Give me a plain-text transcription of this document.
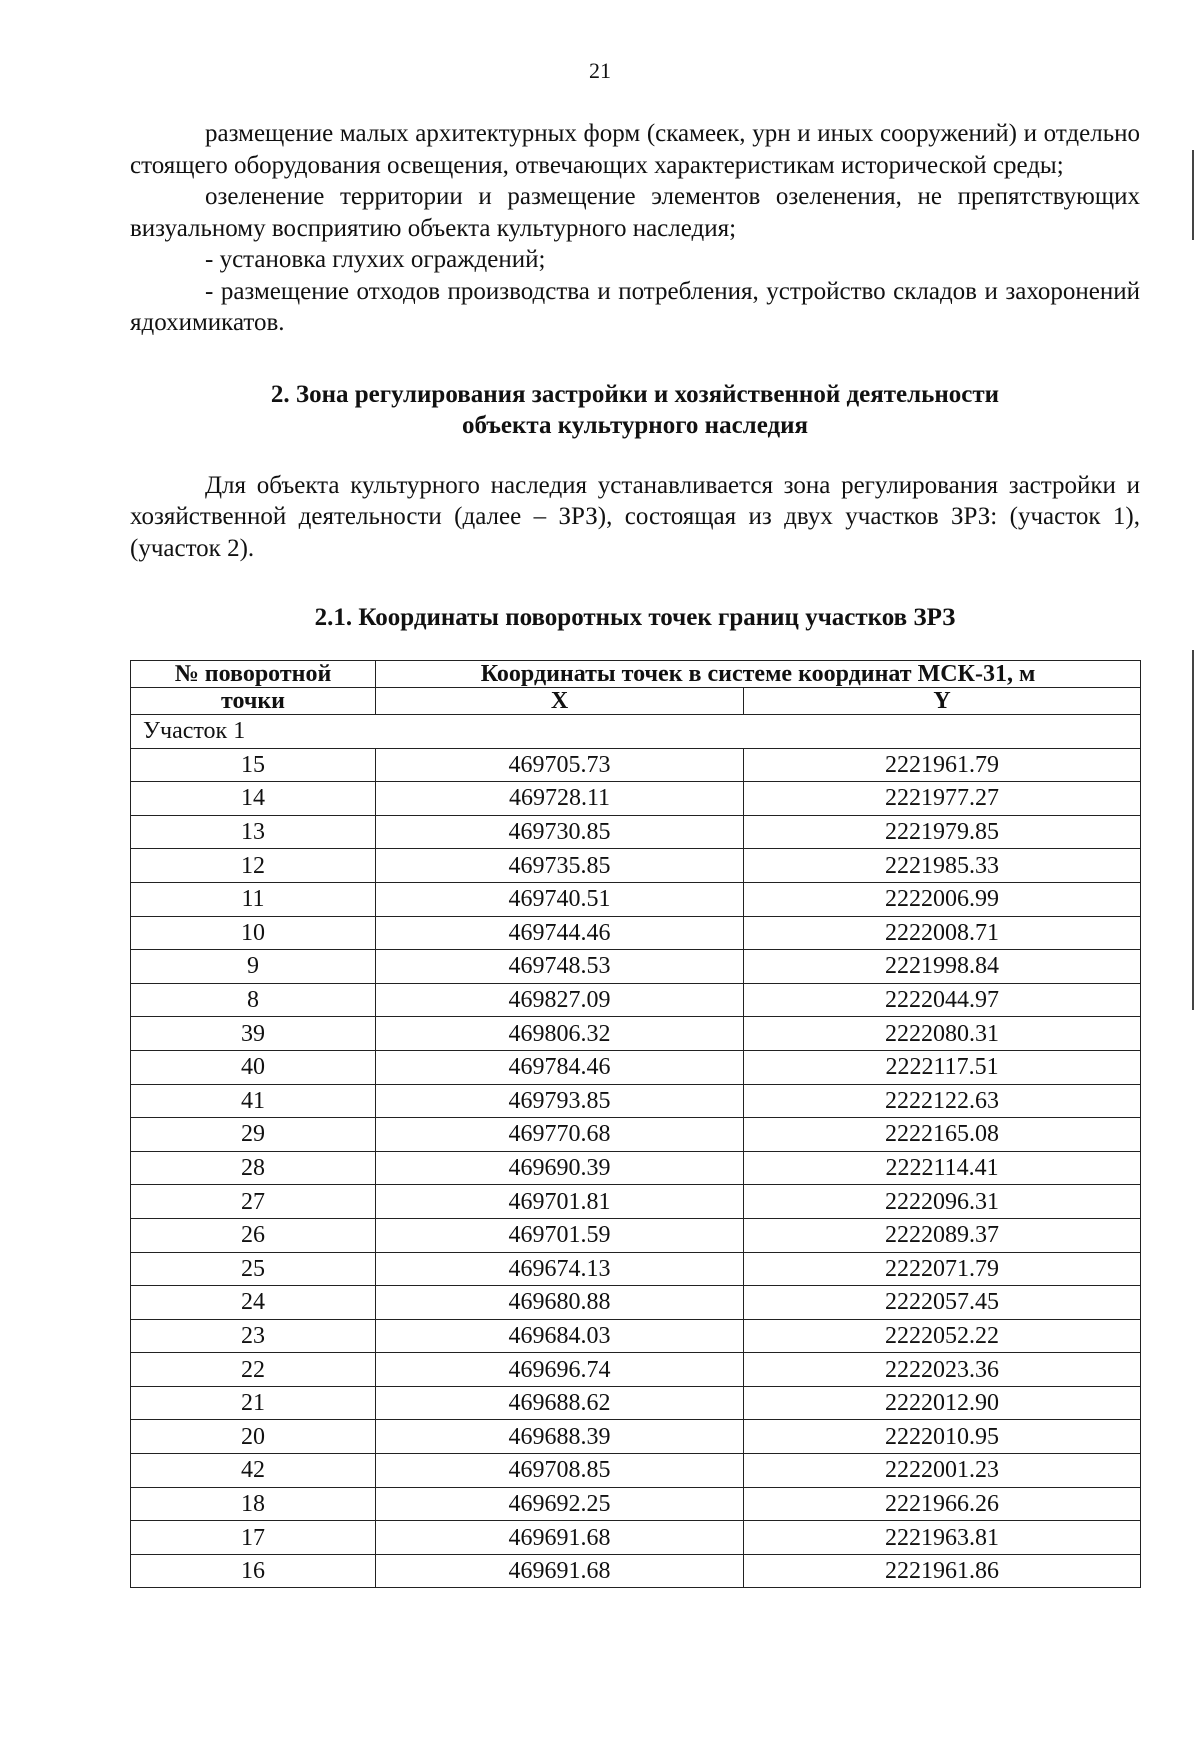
21

размещение малых архитектурных форм (скамеек, урн и иных сооружений) и отдельно стоящего оборудования освещения, отвечающих характеристикам исторической среды;

озеленение территории и размещение элементов озеленения, не препятствующих визуальному восприятию объекта культурного наследия;

- установка глухих ограждений;

- размещение отходов производства и потребления, устройство складов и захоронений ядохимикатов.

2. Зона регулирования застройки и хозяйственной деятельности
объекта культурного наследия

Для объекта культурного наследия устанавливается зона регулирования застройки и хозяйственной деятельности (далее – ЗРЗ), состоящая из двух участков ЗРЗ: (участок 1), (участок 2).

2.1. Координаты поворотных точек границ участков ЗРЗ
№ поворотной	Координаты точек в системе координат МСК-31, м	
точки	X	Y
Участок 1		
15	469705.73	2221961.79
14	469728.11	2221977.27
13	469730.85	2221979.85
12	469735.85	2221985.33
11	469740.51	2222006.99
10	469744.46	2222008.71
9	469748.53	2221998.84
8	469827.09	2222044.97
39	469806.32	2222080.31
40	469784.46	2222117.51
41	469793.85	2222122.63
29	469770.68	2222165.08
28	469690.39	2222114.41
27	469701.81	2222096.31
26	469701.59	2222089.37
25	469674.13	2222071.79
24	469680.88	2222057.45
23	469684.03	2222052.22
22	469696.74	2222023.36
21	469688.62	2222012.90
20	469688.39	2222010.95
42	469708.85	2222001.23
18	469692.25	2221966.26
17	469691.68	2221963.81
16	469691.68	2221961.86
